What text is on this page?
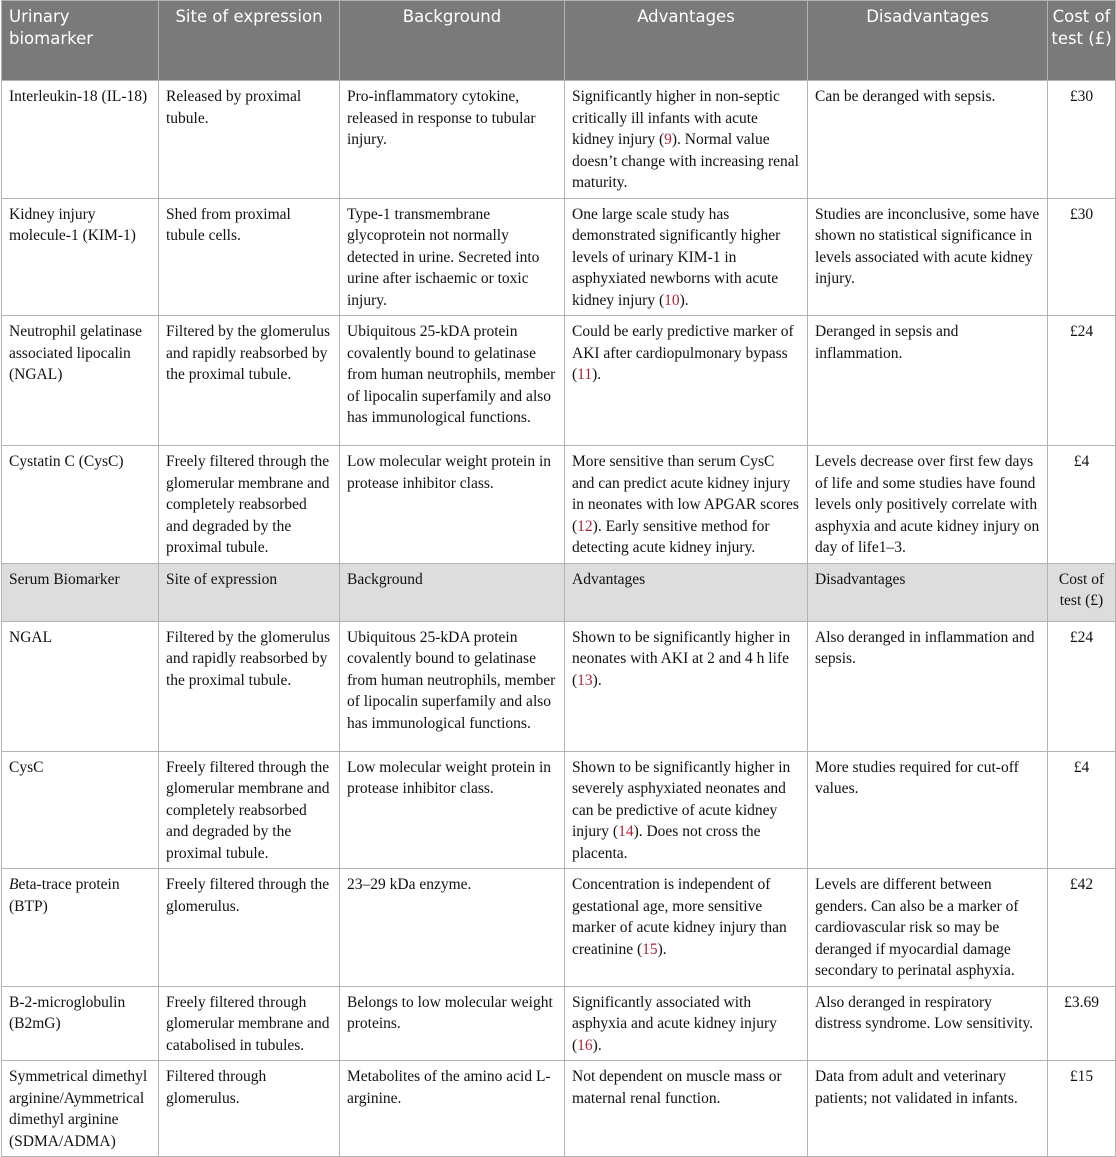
Urinary biomarker	Site of expression	Background	Advantages	Disadvantages	Cost of test (£)
Interleukin-18 (IL-18)	Released by proximal tubule.	Pro-inflammatory cytokine, released in response to tubular injury.	Significantly higher in non-septic critically ill infants with acute kidney injury (9). Normal value doesn’t change with increasing renal maturity.	Can be deranged with sepsis.	£30
Kidney injury molecule-1 (KIM-1)	Shed from proximal tubule cells.	Type-1 transmembrane glycoprotein not normally detected in urine. Secreted into urine after ischaemic or toxic injury.	One large scale study has demonstrated significantly higher levels of urinary KIM-1 in asphyxiated newborns with acute kidney injury (10).	Studies are inconclusive, some have shown no statistical significance in levels associated with acute kidney injury.	£30
Neutrophil gelatinase associated lipocalin (NGAL)	Filtered by the glomerulus and rapidly reabsorbed by the proximal tubule.	Ubiquitous 25-kDA protein covalently bound to gelatinase from human neutrophils, member of lipocalin superfamily and also has immunological functions.	Could be early predictive marker of AKI after cardiopulmonary bypass (11).	Deranged in sepsis and inflammation.	£24
Cystatin C (CysC)	Freely filtered through the glomerular membrane and completely reabsorbed and degraded by the proximal tubule.	Low molecular weight protein in protease inhibitor class.	More sensitive than serum CysC and can predict acute kidney injury in neonates with low APGAR scores (12). Early sensitive method for detecting acute kidney injury.	Levels decrease over first few days of life and some studies have found levels only positively correlate with asphyxia and acute kidney injury on day of life1–3.	£4
Serum Biomarker	Site of expression	Background	Advantages	Disadvantages	Cost of test (£)
NGAL	Filtered by the glomerulus and rapidly reabsorbed by the proximal tubule.	Ubiquitous 25-kDA protein covalently bound to gelatinase from human neutrophils, member of lipocalin superfamily and also has immunological functions.	Shown to be significantly higher in neonates with AKI at 2 and 4 h life (13).	Also deranged in inflammation and sepsis.	£24
CysC	Freely filtered through the glomerular membrane and completely reabsorbed and degraded by the proximal tubule.	Low molecular weight protein in protease inhibitor class.	Shown to be significantly higher in severely asphyxiated neonates and can be predictive of acute kidney injury (14). Does not cross the placenta.	More studies required for cut-off values.	£4
Beta-trace protein (BTP)	Freely filtered through the glomerulus.	23–29 kDa enzyme.	Concentration is independent of gestational age, more sensitive marker of acute kidney injury than creatinine (15).	Levels are different between genders. Can also be a marker of cardiovascular risk so may be deranged if myocardial damage secondary to perinatal asphyxia.	£42
B-2-microglobulin (B2mG)	Freely filtered through glomerular membrane and catabolised in tubules.	Belongs to low molecular weight proteins.	Significantly associated with asphyxia and acute kidney injury (16).	Also deranged in respiratory distress syndrome. Low sensitivity.	£3.69
Symmetrical dimethyl arginine/Aymmetrical dimethyl arginine (SDMA/ADMA)	Filtered through glomerulus.	Metabolites of the amino acid L-arginine.	Not dependent on muscle mass or maternal renal function.	Data from adult and veterinary patients; not validated in infants.	£15
